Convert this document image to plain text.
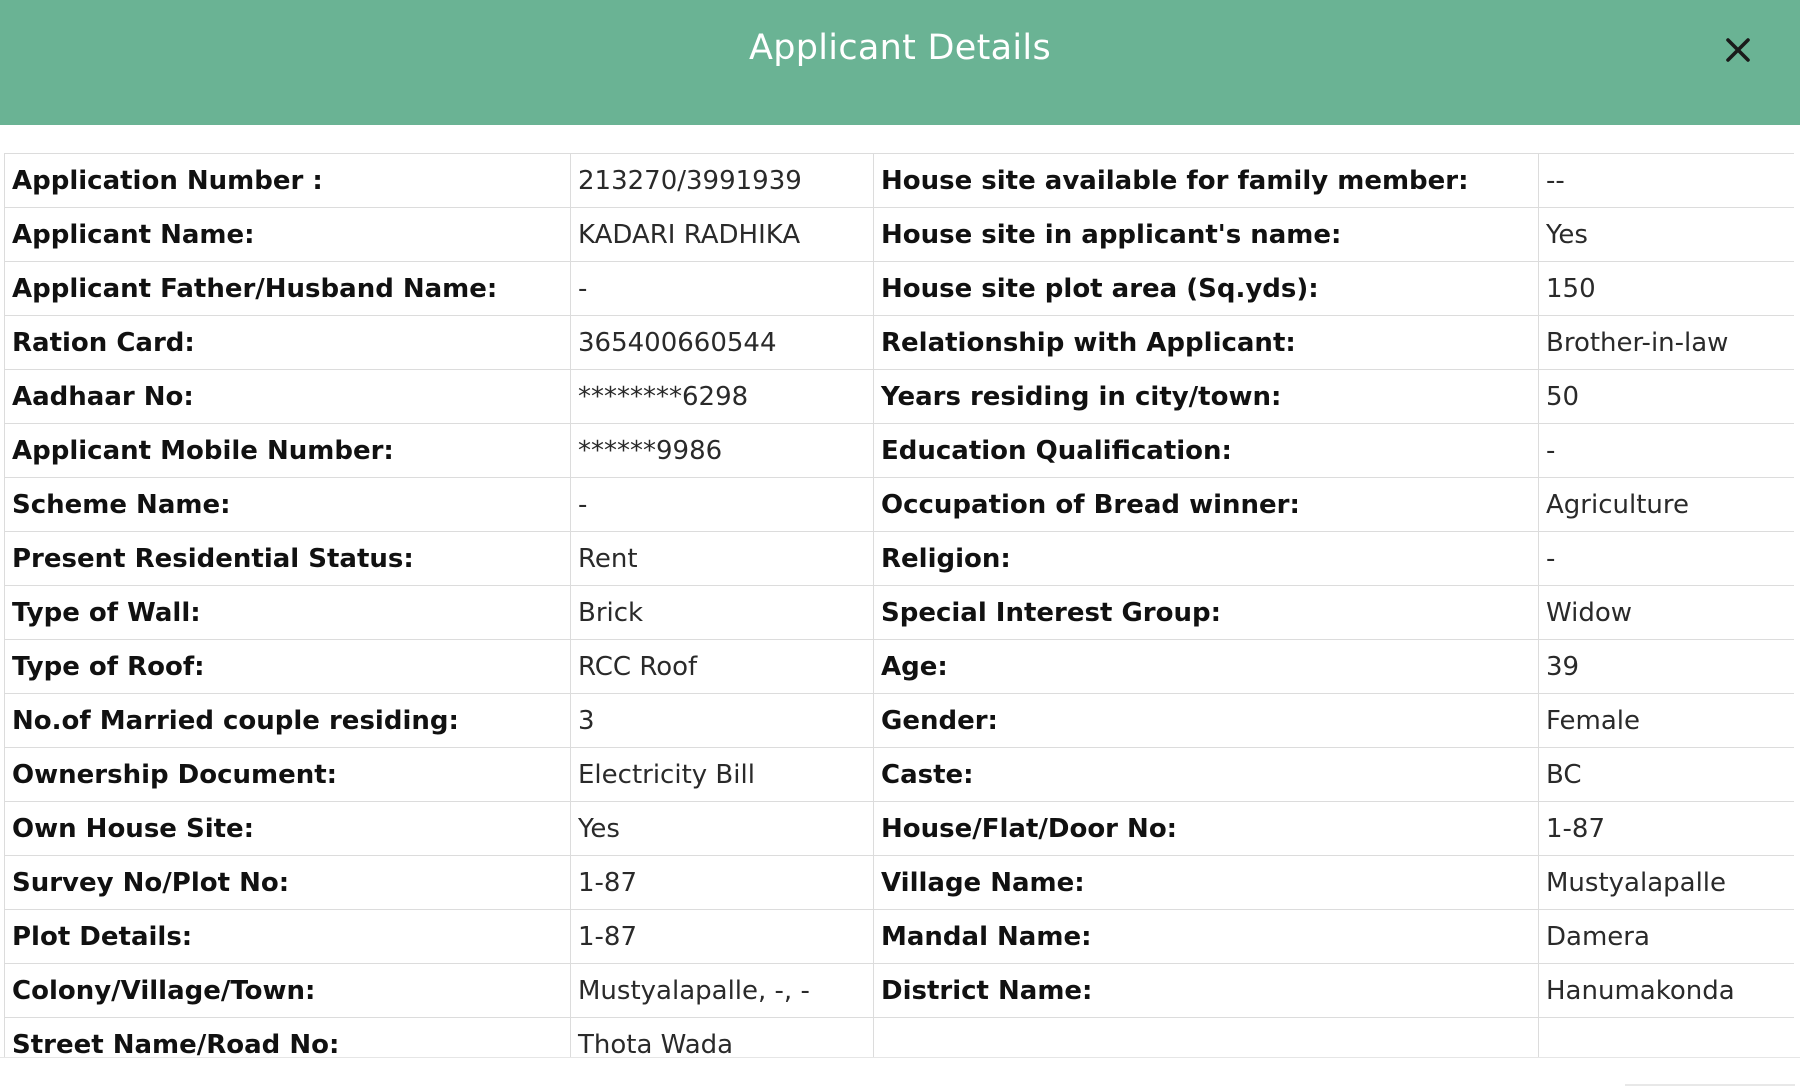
Applicant Details
Application Number :	213270/3991939	House site available for family member:	--
Applicant Name:	KADARI RADHIKA	House site in applicant's name:	Yes
Applicant Father/Husband Name:	-	House site plot area (Sq.yds):	150
Ration Card:	365400660544	Relationship with Applicant:	Brother-in-law
Aadhaar No:	********6298	Years residing in city/town:	50
Applicant Mobile Number:	******9986	Education Qualification:	-
Scheme Name:	-	Occupation of Bread winner:	Agriculture
Present Residential Status:	Rent	Religion:	-
Type of Wall:	Brick	Special Interest Group:	Widow
Type of Roof:	RCC Roof	Age:	39
No.of Married couple residing:	3	Gender:	Female
Ownership Document:	Electricity Bill	Caste:	BC
Own House Site:	Yes	House/Flat/Door No:	1-87
Survey No/Plot No:	1-87	Village Name:	Mustyalapalle
Plot Details:	1-87	Mandal Name:	Damera
Colony/Village/Town:	Mustyalapalle, -, -	District Name:	Hanumakonda
Street Name/Road No:	Thota Wada		
